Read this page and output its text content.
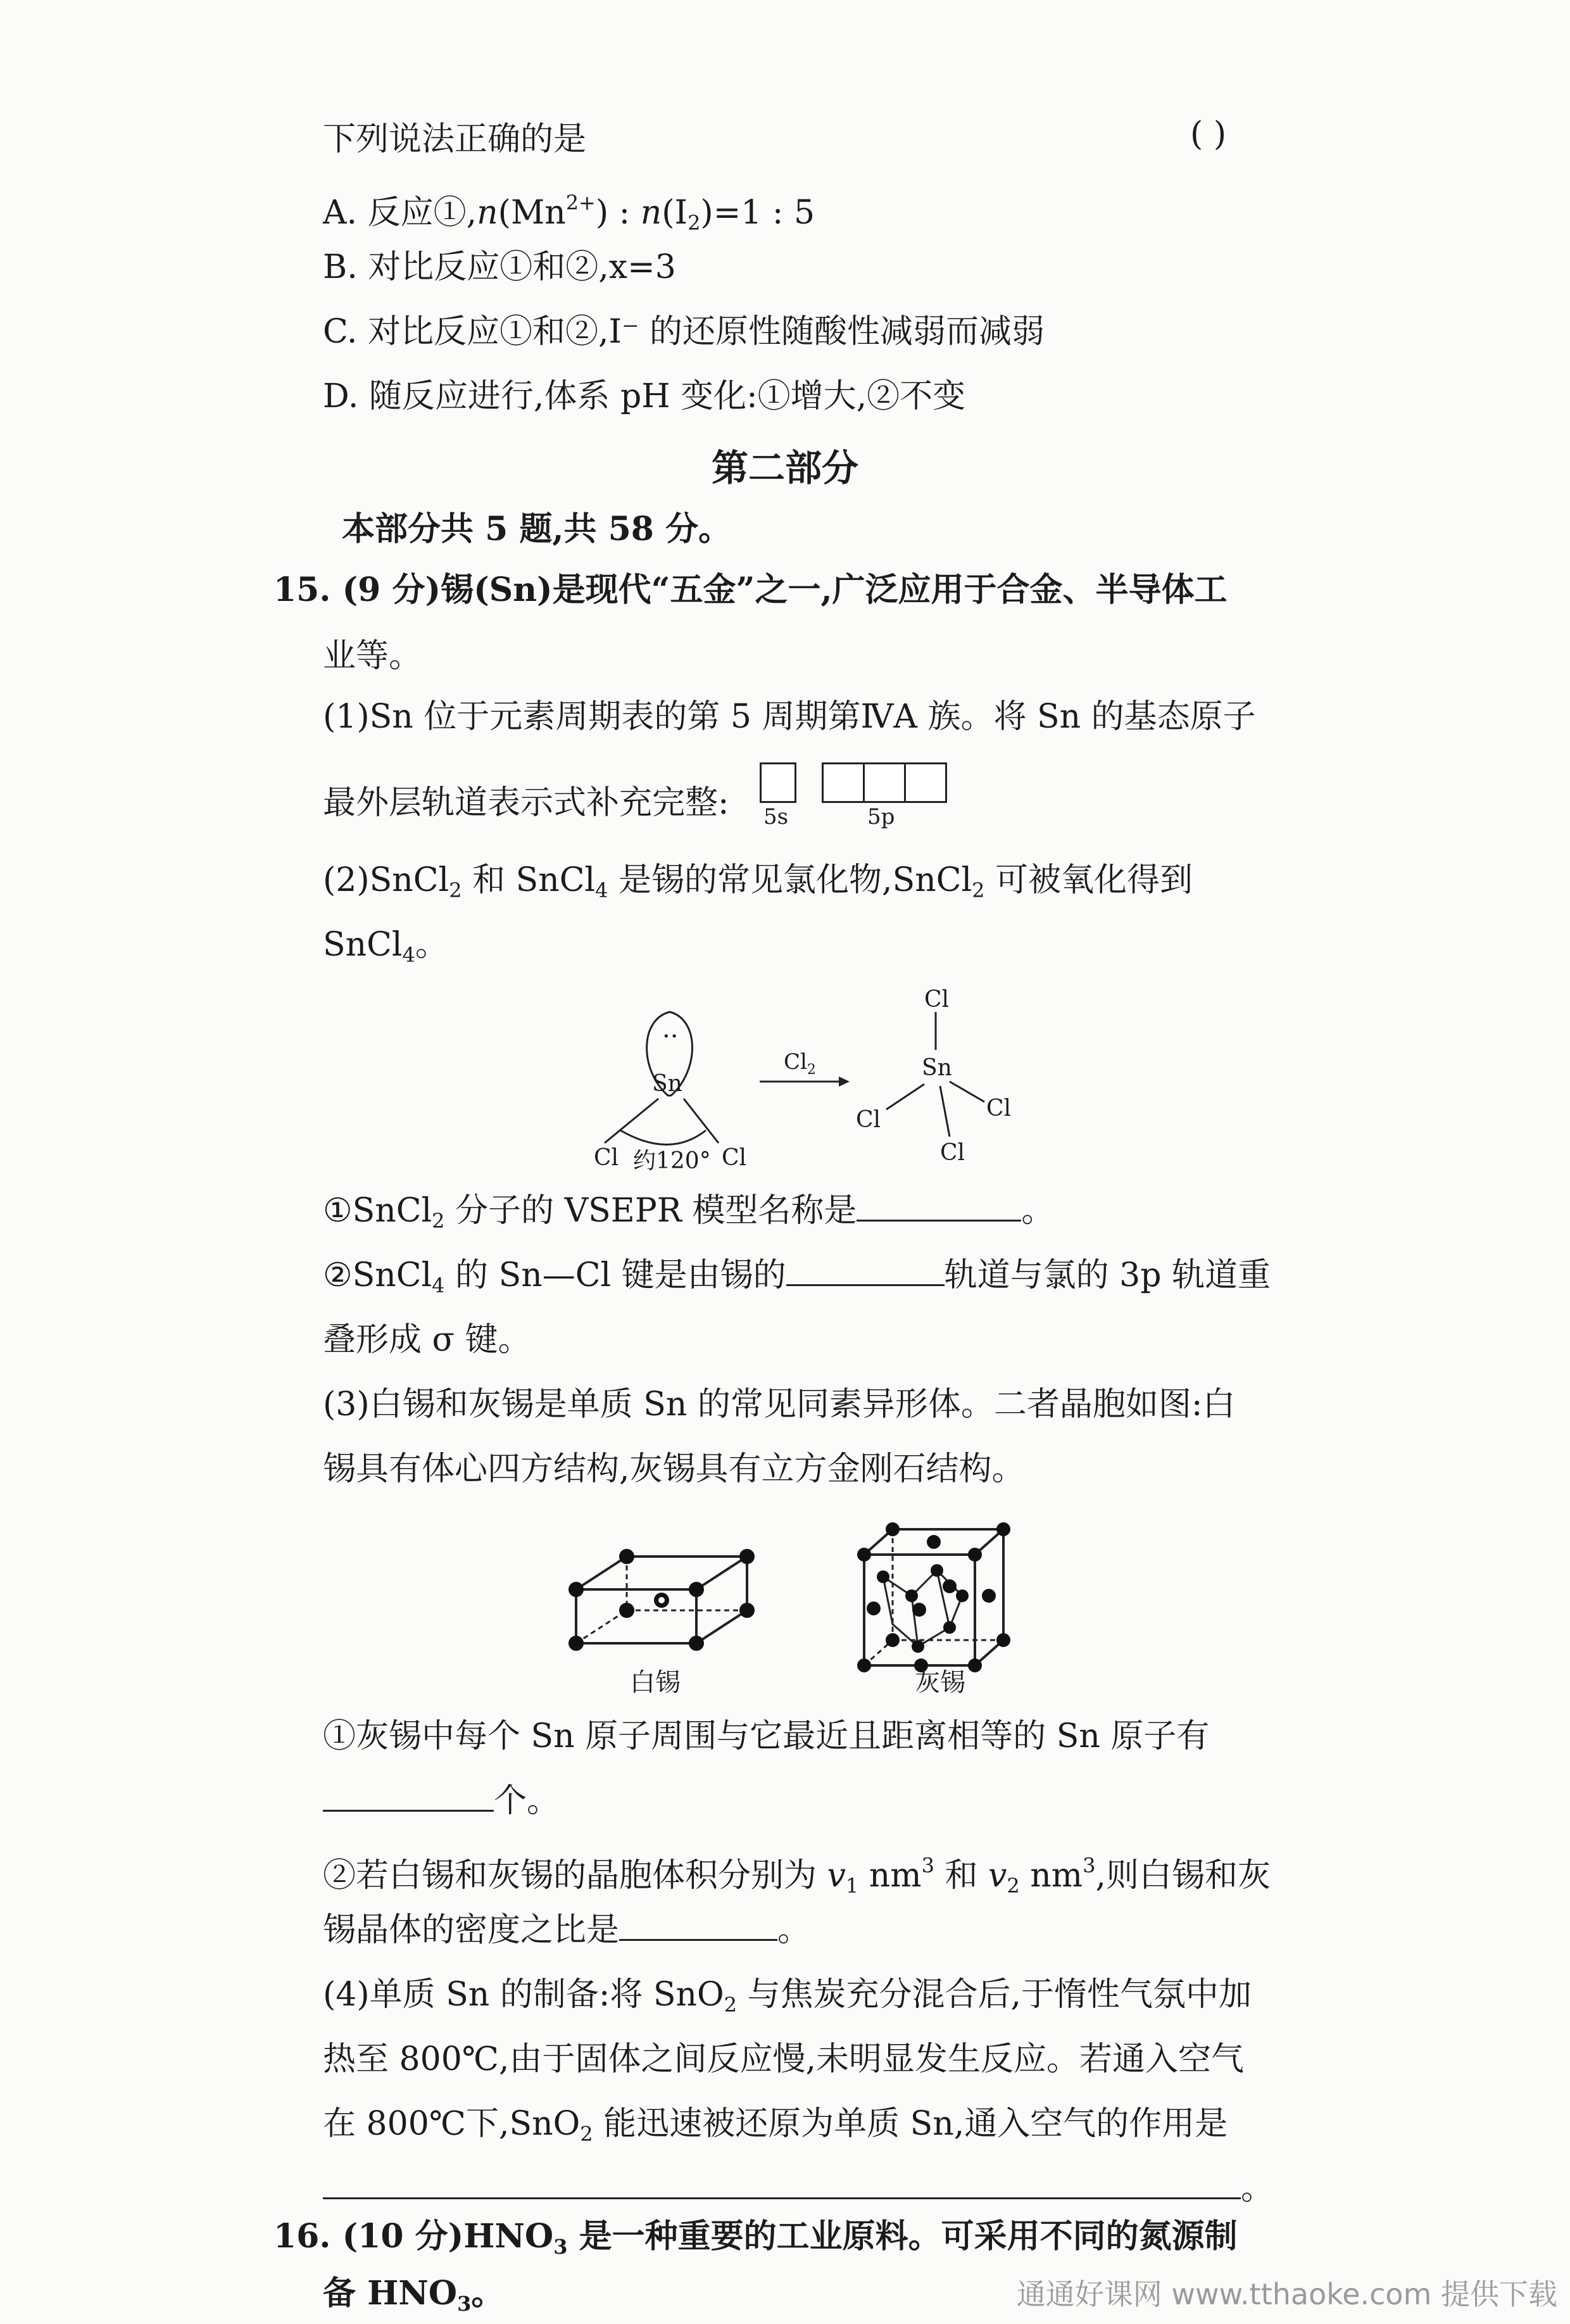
下列说法正确的是	( )
A. 反应$①,n(Mn^{2+})$ : $n(I_2)=1$ : 5
B. 对比反应①和②,x=3
C. 对比反应①和②,I⁻ 的还原性随酸性减弱而减弱
D. 随反应进行,体系 pH 变化:①增大,②不变
第二部分
本部分共 5 题,共 58 分。
15. (9 分)锡(Sn)是现代“五金”之一,广泛应用于合金、半导体工
业等。
(1)Sn 位于元素周期表的第 5 周期第ⅣA 族。将 Sn 的基态原子
最外层轨道表示式补充完整: 5s	5p
(2)SnCl$_2$ 和 SnCl$_4$ 是锡的常见氯化物,SnCl$_2$ 可被氧化得到
SnCl$_4$。
··
Sn
Cl 约120° Cl
$Cl_2$
Cl
Sn
Cl	Cl
Cl
①SnCl$_2$ 分子的 VSEPR 模型名称是	。
②SnCl$_4$ 的 Sn—Cl 键是由锡的	轨道与氯的 3p 轨道重
叠形成 σ 键。
(3)白锡和灰锡是单质 Sn 的常见同素异形体。二者晶胞如图:白
锡具有体心四方结构,灰锡具有立方金刚石结构。
白锡	灰锡
①灰锡中每个 Sn 原子周围与它最近且距离相等的 Sn 原子有
个。
②若白锡和灰锡的晶胞体积分别为 $v_1$ $nm^3$ 和 $v_2$ $nm^3$,则白锡和灰
锡晶体的密度之比是	。
(4)单质 Sn 的制备:将 SnO$_2$ 与焦炭充分混合后,于惰性气氛中加
热至 800℃,由于固体之间反应慢,未明显发生反应。若通入空气
在 800℃下,SnO$_2$ 能迅速被还原为单质 Sn,通入空气的作用是
。
16. (10 分)$HNO_3$ 是一种重要的工业原料。可采用不同的氮源制
备 $HNO_3$。	通通好课网 www.tthaoke.com 提供下载
